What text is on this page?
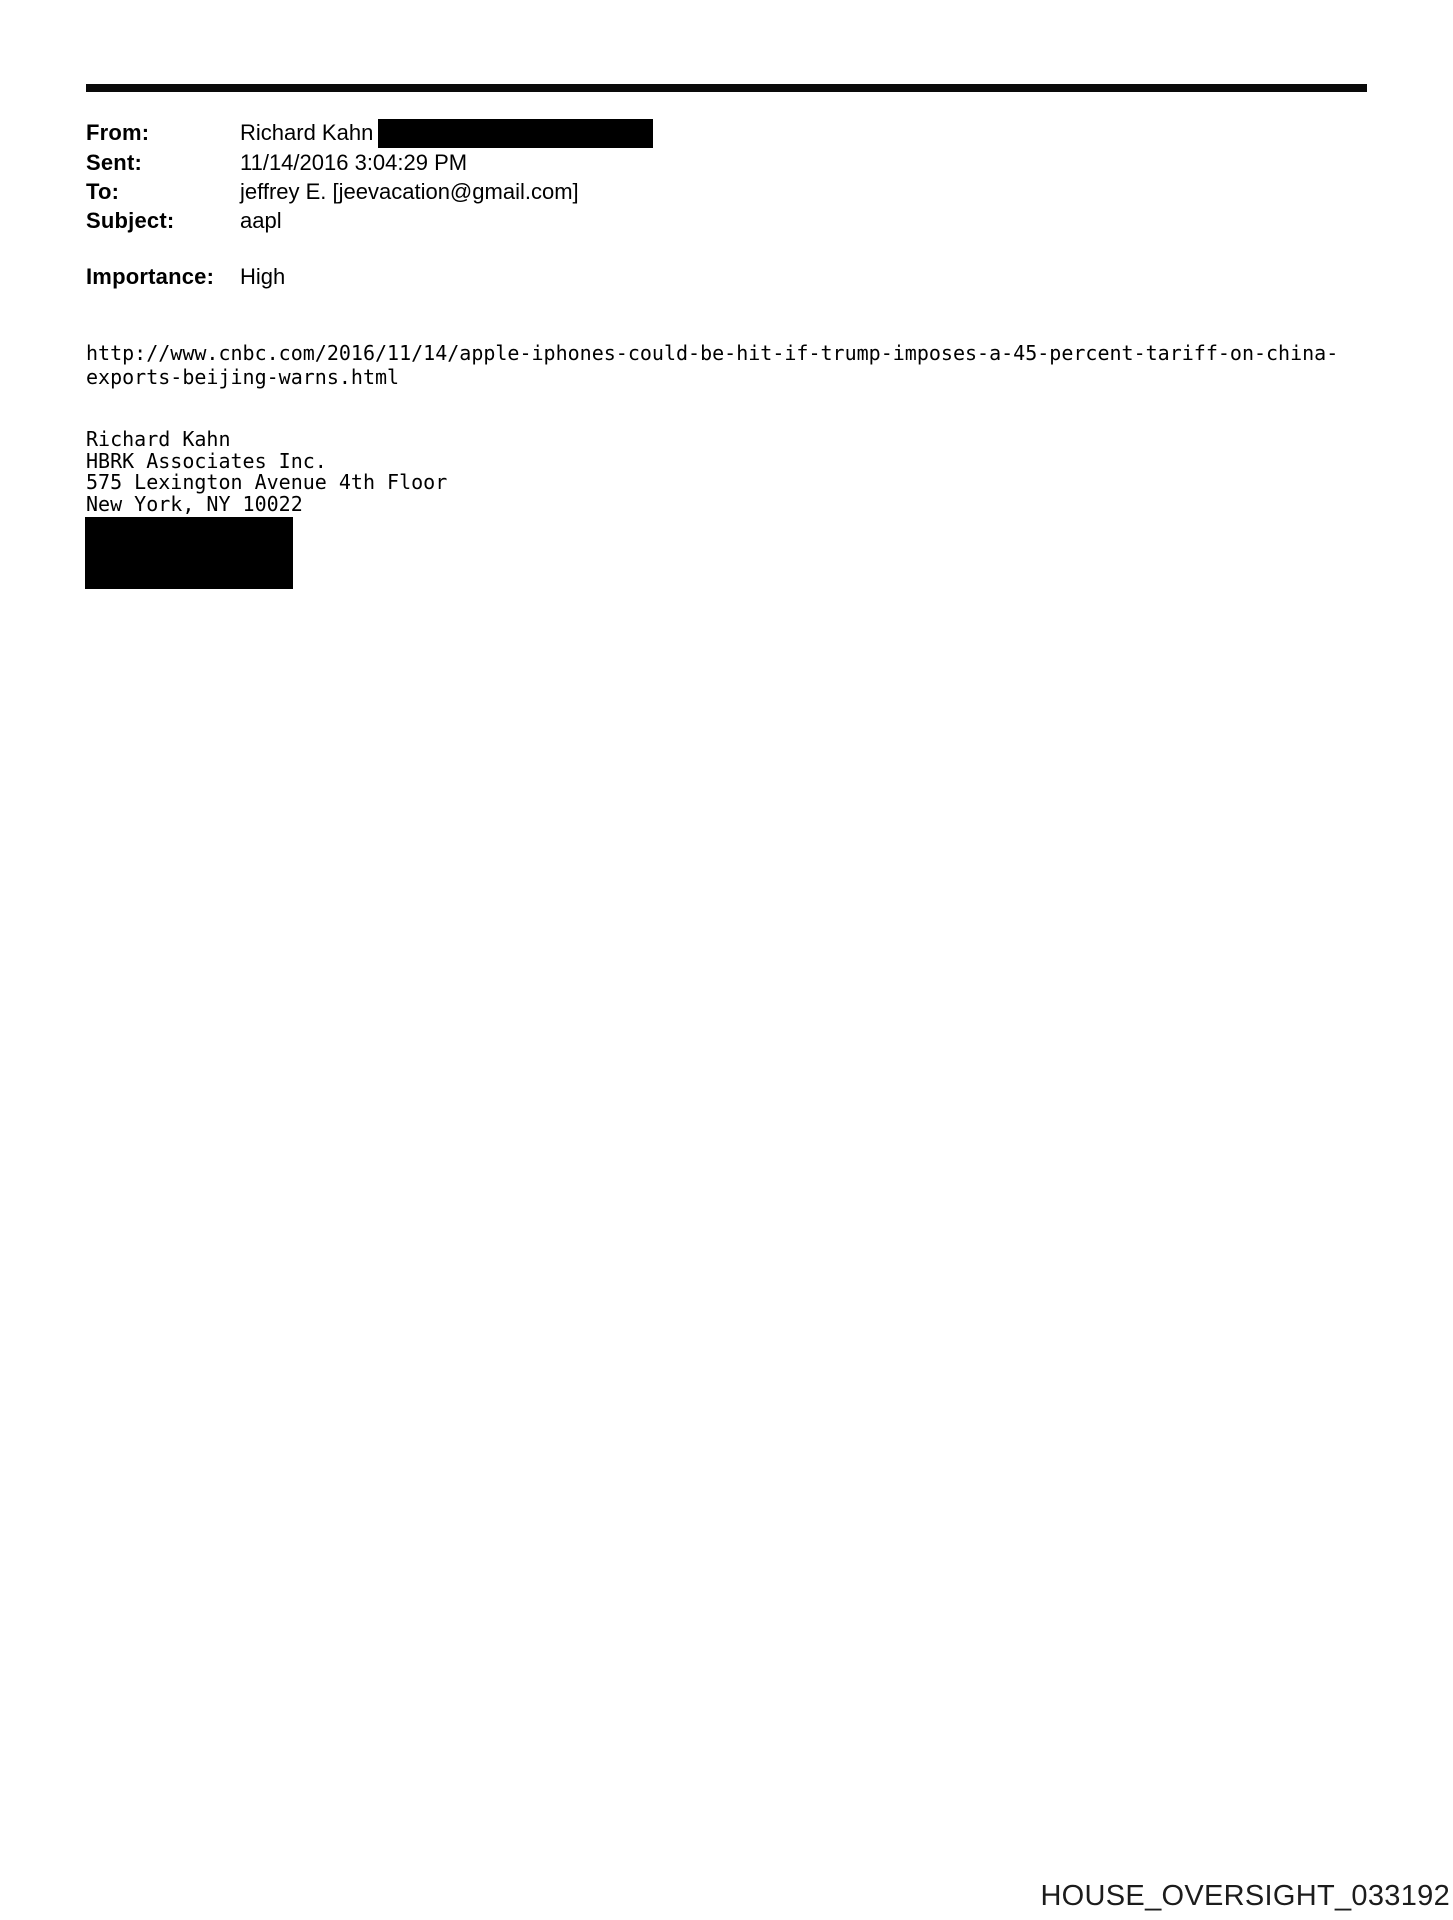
From:	Richard Kahn
Sent:	11/14/2016 3:04:29 PM
To:	jeffrey E. [jeevacation@gmail.com]
Subject:	aapl
Importance:	High
http://www.cnbc.com/2016/11/14/apple-iphones-could-be-hit-if-trump-imposes-a-45-percent-tariff-on-china-exports-beijing-warns.html
Richard Kahn
HBRK Associates Inc.
575 Lexington Avenue 4th Floor
New York, NY 10022
HOUSE_OVERSIGHT_033192
